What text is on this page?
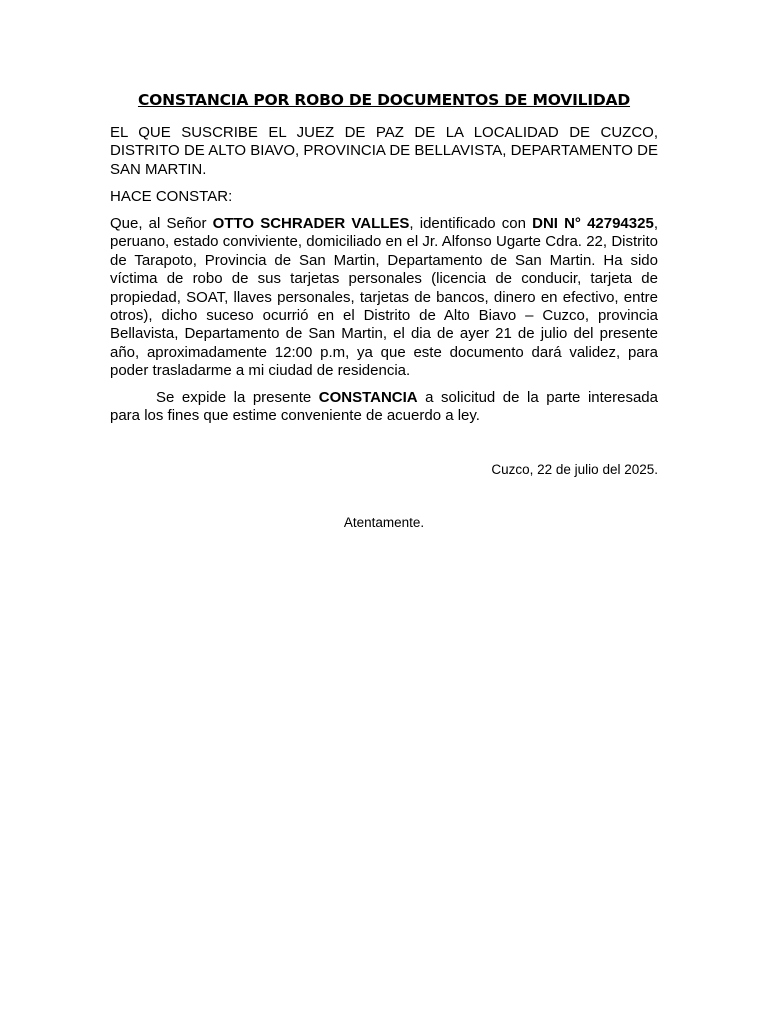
CONSTANCIA POR ROBO DE DOCUMENTOS DE MOVILIDAD
EL QUE SUSCRIBE EL JUEZ DE PAZ DE LA LOCALIDAD DE CUZCO, DISTRITO DE ALTO BIAVO, PROVINCIA DE BELLAVISTA, DEPARTAMENTO DE SAN MARTIN.
HACE CONSTAR:
Que, al Señor OTTO SCHRADER VALLES, identificado con DNI N° 42794325, peruano, estado conviviente, domiciliado en el Jr. Alfonso Ugarte Cdra. 22, Distrito de Tarapoto, Provincia de San Martin, Departamento de San Martin. Ha sido víctima de robo de sus tarjetas personales (licencia de conducir, tarjeta de propiedad, SOAT, llaves personales, tarjetas de bancos, dinero en efectivo, entre otros), dicho suceso ocurrió en el Distrito de Alto Biavo – Cuzco, provincia Bellavista, Departamento de San Martin, el dia de ayer 21 de julio del presente año, aproximadamente 12:00 p.m, ya que este documento dará validez, para poder trasladarme a mi ciudad de residencia.
Se expide la presente CONSTANCIA a solicitud de la parte interesada para los fines que estime conveniente de acuerdo a ley.
Cuzco, 22 de julio del 2025.
Atentamente.
